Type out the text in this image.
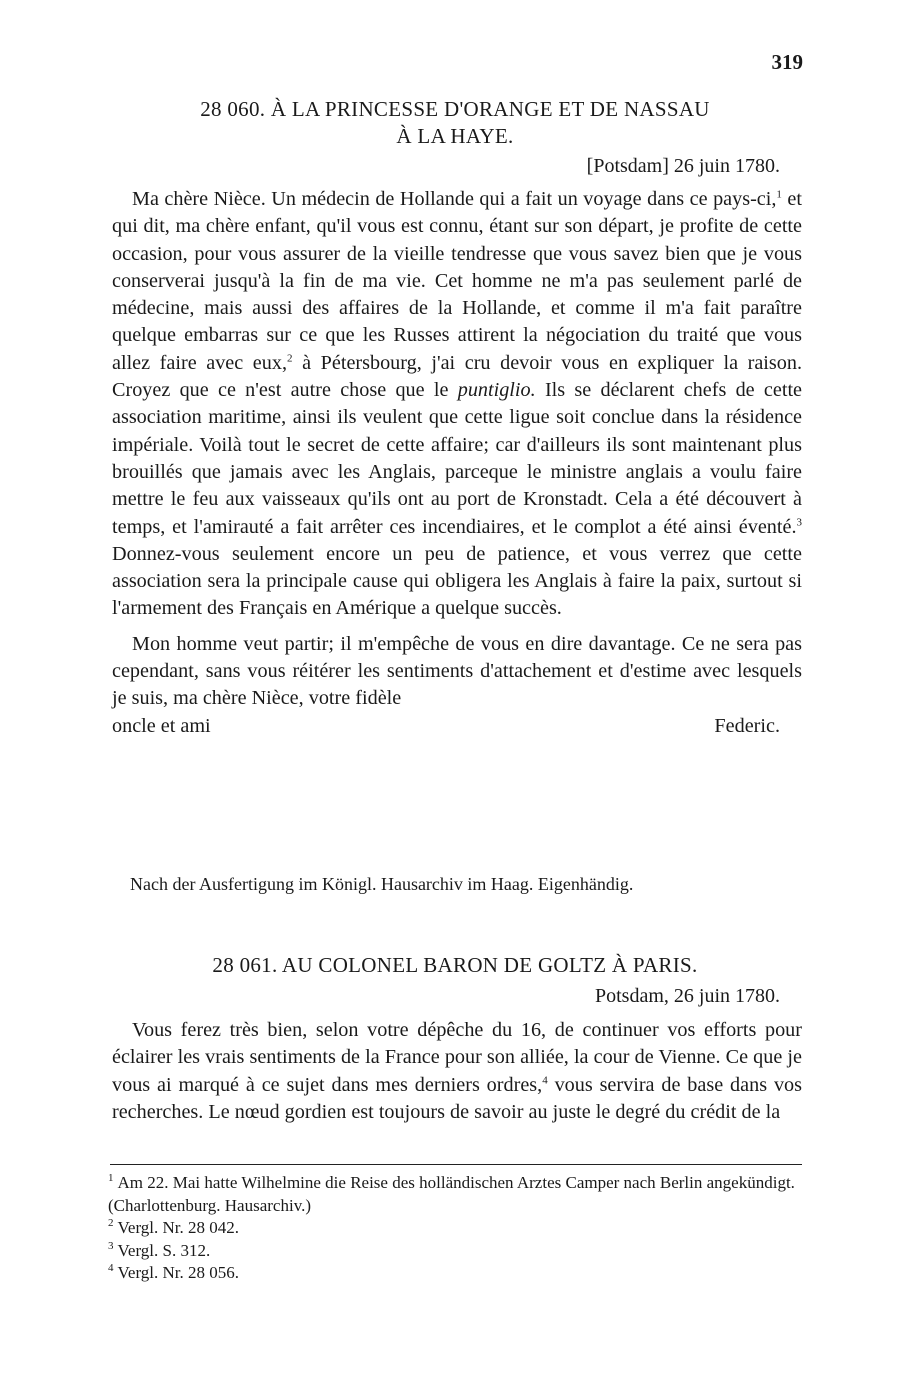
319
28 060. À LA PRINCESSE D'ORANGE ET DE NASSAU
À LA HAYE.
[Potsdam] 26 juin 1780.

Ma chère Nièce. Un médecin de Hollande qui a fait un voyage dans ce pays-ci,$^1$ et qui dit, ma chère enfant, qu'il vous est connu, étant sur son départ, je profite de cette occasion, pour vous assurer de la vieille tendresse que vous savez bien que je vous conserverai jusqu'à la fin de ma vie. Cet homme ne m'a pas seulement parlé de médecine, mais aussi des affaires de la Hollande, et comme il m'a fait paraître quelque embarras sur ce que les Russes attirent la négociation du traité que vous allez faire avec eux,$^2$ à Pétersbourg, j'ai cru devoir vous en expliquer la raison. Croyez que ce n'est autre chose que le puntiglio. Ils se déclarent chefs de cette association maritime, ainsi ils veulent que cette ligue soit conclue dans la résidence impériale. Voilà tout le secret de cette affaire; car d'ailleurs ils sont maintenant plus brouillés que jamais avec les Anglais, parceque le ministre anglais a voulu faire mettre le feu aux vaisseaux qu'ils ont au port de Kronstadt. Cela a été découvert à temps, et l'amirauté a fait arrêter ces incendiaires, et le complot a été ainsi éventé.$^3$ Donnez-vous seulement encore un peu de patience, et vous verrez que cette association sera la principale cause qui obligera les Anglais à faire la paix, surtout si l'armement des Français en Amérique a quelque succès.

Mon homme veut partir; il m'empêche de vous en dire davantage. Ce ne sera pas cependant, sans vous réitérer les sentiments d'attachement et d'estime avec lesquels je suis, ma chère Nièce, votre fidèle

oncle et ami	Federic.
Nach der Ausfertigung im Königl. Hausarchiv im Haag. Eigenhändig.
28 061. AU COLONEL BARON DE GOLTZ À PARIS.
Potsdam, 26 juin 1780.

Vous ferez très bien, selon votre dépêche du 16, de continuer vos efforts pour éclairer les vrais sentiments de la France pour son alliée, la cour de Vienne. Ce que je vous ai marqué à ce sujet dans mes derniers ordres,$^4$ vous servira de base dans vos recherches. Le nœud gordien est toujours de savoir au juste le degré du crédit de la

$^1$ Am 22. Mai hatte Wilhelmine die Reise des holländischen Arztes Camper nach Berlin angekündigt. (Charlottenburg. Hausarchiv.)

$^2$ Vergl. Nr. 28 042.

$^3$ Vergl. S. 312.

$^4$ Vergl. Nr. 28 056.
